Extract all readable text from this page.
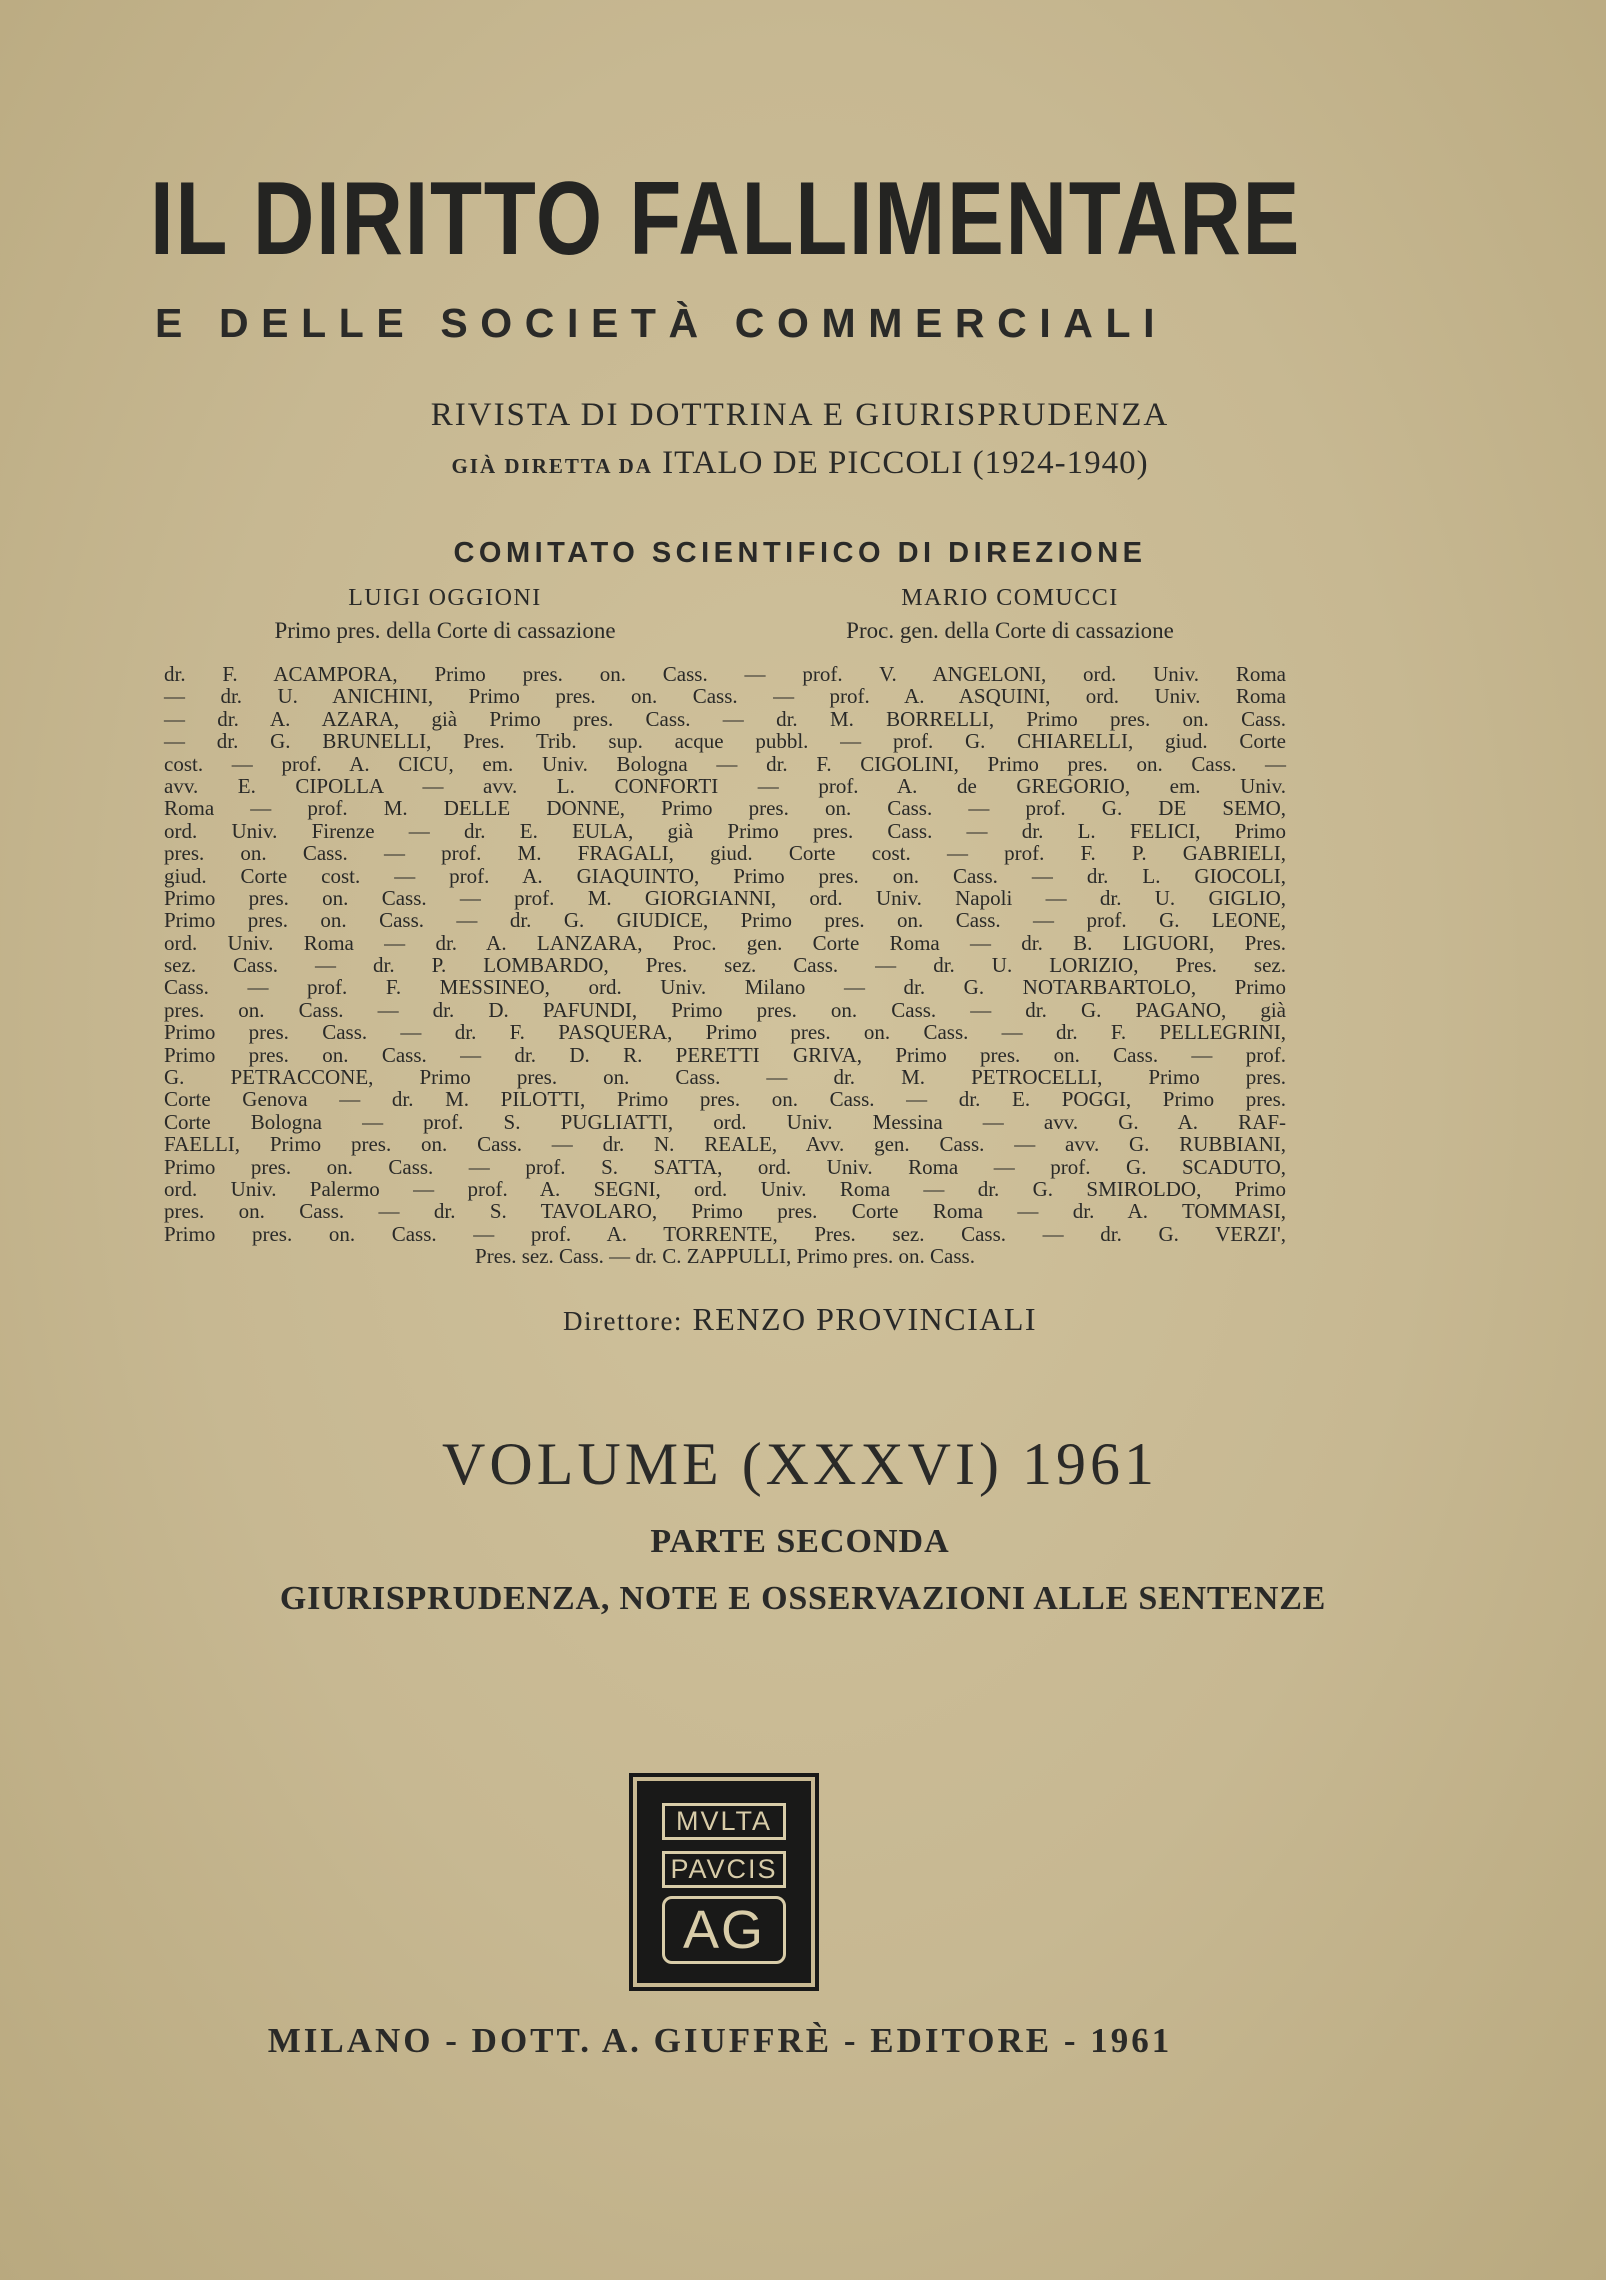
IL DIRITTO FALLIMENTARE
E DELLE SOCIETÀ COMMERCIALI
RIVISTA DI DOTTRINA E GIURISPRUDENZA
GIÀ DIRETTA DA ITALO DE PICCOLI (1924-1940)
COMITATO SCIENTIFICO DI DIREZIONE
LUIGI OGGIONI
Primo pres. della Corte di cassazione
MARIO COMUCCI
Proc. gen. della Corte di cassazione
dr. F. ACAMPORA, Primo pres. on. Cass. — prof. V. ANGELONI, ord. Univ. Roma
— dr. U. ANICHINI, Primo pres. on. Cass. — prof. A. ASQUINI, ord. Univ. Roma
— dr. A. AZARA, già Primo pres. Cass. — dr. M. BORRELLI, Primo pres. on. Cass.
— dr. G. BRUNELLI, Pres. Trib. sup. acque pubbl. — prof. G. CHIARELLI, giud. Corte
cost. — prof. A. CICU, em. Univ. Bologna — dr. F. CIGOLINI, Primo pres. on. Cass. —
avv. E. CIPOLLA — avv. L. CONFORTI — prof. A. de GREGORIO, em. Univ.
Roma — prof. M. DELLE DONNE, Primo pres. on. Cass. — prof. G. DE SEMO,
ord. Univ. Firenze — dr. E. EULA, già Primo pres. Cass. — dr. L. FELICI, Primo
pres. on. Cass. — prof. M. FRAGALI, giud. Corte cost. — prof. F. P. GABRIELI,
giud. Corte cost. — prof. A. GIAQUINTO, Primo pres. on. Cass. — dr. L. GIOCOLI,
Primo pres. on. Cass. — prof. M. GIORGIANNI, ord. Univ. Napoli — dr. U. GIGLIO,
Primo pres. on. Cass. — dr. G. GIUDICE, Primo pres. on. Cass. — prof. G. LEONE,
ord. Univ. Roma — dr. A. LANZARA, Proc. gen. Corte Roma — dr. B. LIGUORI, Pres.
sez. Cass. — dr. P. LOMBARDO, Pres. sez. Cass. — dr. U. LORIZIO, Pres. sez.
Cass. — prof. F. MESSINEO, ord. Univ. Milano — dr. G. NOTARBARTOLO, Primo
pres. on. Cass. — dr. D. PAFUNDI, Primo pres. on. Cass. — dr. G. PAGANO, già
Primo pres. Cass. — dr. F. PASQUERA, Primo pres. on. Cass. — dr. F. PELLEGRINI,
Primo pres. on. Cass. — dr. D. R. PERETTI GRIVA, Primo pres. on. Cass. — prof.
G. PETRACCONE, Primo pres. on. Cass. — dr. M. PETROCELLI, Primo pres.
Corte Genova — dr. M. PILOTTI, Primo pres. on. Cass. — dr. E. POGGI, Primo pres.
Corte Bologna — prof. S. PUGLIATTI, ord. Univ. Messina — avv. G. A. RAF-
FAELLI, Primo pres. on. Cass. — dr. N. REALE, Avv. gen. Cass. — avv. G. RUBBIANI,
Primo pres. on. Cass. — prof. S. SATTA, ord. Univ. Roma — prof. G. SCADUTO,
ord. Univ. Palermo — prof. A. SEGNI, ord. Univ. Roma — dr. G. SMIROLDO, Primo
pres. on. Cass. — dr. S. TAVOLARO, Primo pres. Corte Roma — dr. A. TOMMASI,
Primo pres. on. Cass. — prof. A. TORRENTE, Pres. sez. Cass. — dr. G. VERZI',
Pres. sez. Cass. — dr. C. ZAPPULLI, Primo pres. on. Cass.
Direttore: RENZO PROVINCIALI
VOLUME (XXXVI) 1961
PARTE SECONDA
GIURISPRUDENZA, NOTE E OSSERVAZIONI ALLE SENTENZE
MVLTA
PAVCIS
AG
MILANO - DOTT. A. GIUFFRÈ - EDITORE - 1961
